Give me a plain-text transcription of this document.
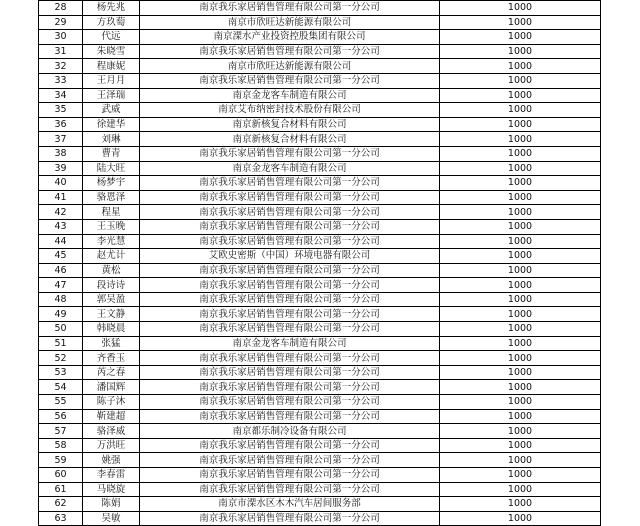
28	杨先兆	南京我乐家居销售管理有限公司第一分公司	1000
29	方玖萄	南京市欣旺达新能源有限公司	1000
30	代远	南京溧水产业投资控股集团有限公司	1000
31	朱晓雪	南京我乐家居销售管理有限公司第一分公司	1000
32	程康妮	南京市欣旺达新能源有限公司	1000
33	王月月	南京我乐家居销售管理有限公司第一分公司	1000
34	王泽瑞	南京金龙客车制造有限公司	1000
35	武威	南京艾布纳密封技术股份有限公司	1000
36	徐建华	南京新核复合材料有限公司	1000
37	刘琳	南京新核复合材料有限公司	1000
38	曹青	南京我乐家居销售管理有限公司第一分公司	1000
39	陆大旺	南京金龙客车制造有限公司	1000
40	杨梦宇	南京我乐家居销售管理有限公司第一分公司	1000
41	骆恩泽	南京我乐家居销售管理有限公司第一分公司	1000
42	程星	南京我乐家居销售管理有限公司第一分公司	1000
43	王玉晚	南京我乐家居销售管理有限公司第一分公司	1000
44	李光慧	南京我乐家居销售管理有限公司第一分公司	1000
45	赵尤计	艾欧史密斯（中国）环境电器有限公司	1000
46	黄松	南京我乐家居销售管理有限公司第一分公司	1000
47	段诗诗	南京我乐家居销售管理有限公司第一分公司	1000
48	郭吴盈	南京我乐家居销售管理有限公司第一分公司	1000
49	王文静	南京我乐家居销售管理有限公司第一分公司	1000
50	韩晓晨	南京我乐家居销售管理有限公司第一分公司	1000
51	张猛	南京金龙客车制造有限公司	1000
52	齐香玉	南京我乐家居销售管理有限公司第一分公司	1000
53	芮之春	南京我乐家居销售管理有限公司第一分公司	1000
54	潘国辉	南京我乐家居销售管理有限公司第一分公司	1000
55	陈子沐	南京我乐家居销售管理有限公司第一分公司	1000
56	靳建超	南京我乐家居销售管理有限公司第一分公司	1000
57	骆泽威	南京都乐制冷设备有限公司	1000
58	万洪旺	南京我乐家居销售管理有限公司第一分公司	1000
59	姚强	南京我乐家居销售管理有限公司第一分公司	1000
60	李春雷	南京我乐家居销售管理有限公司第一分公司	1000
61	马晓旋	南京我乐家居销售管理有限公司第一分公司	1000
62	陈娟	南京市溧水区木木汽车居间服务部	1000
63	吴敏	南京我乐家居销售管理有限公司第一分公司	1000
